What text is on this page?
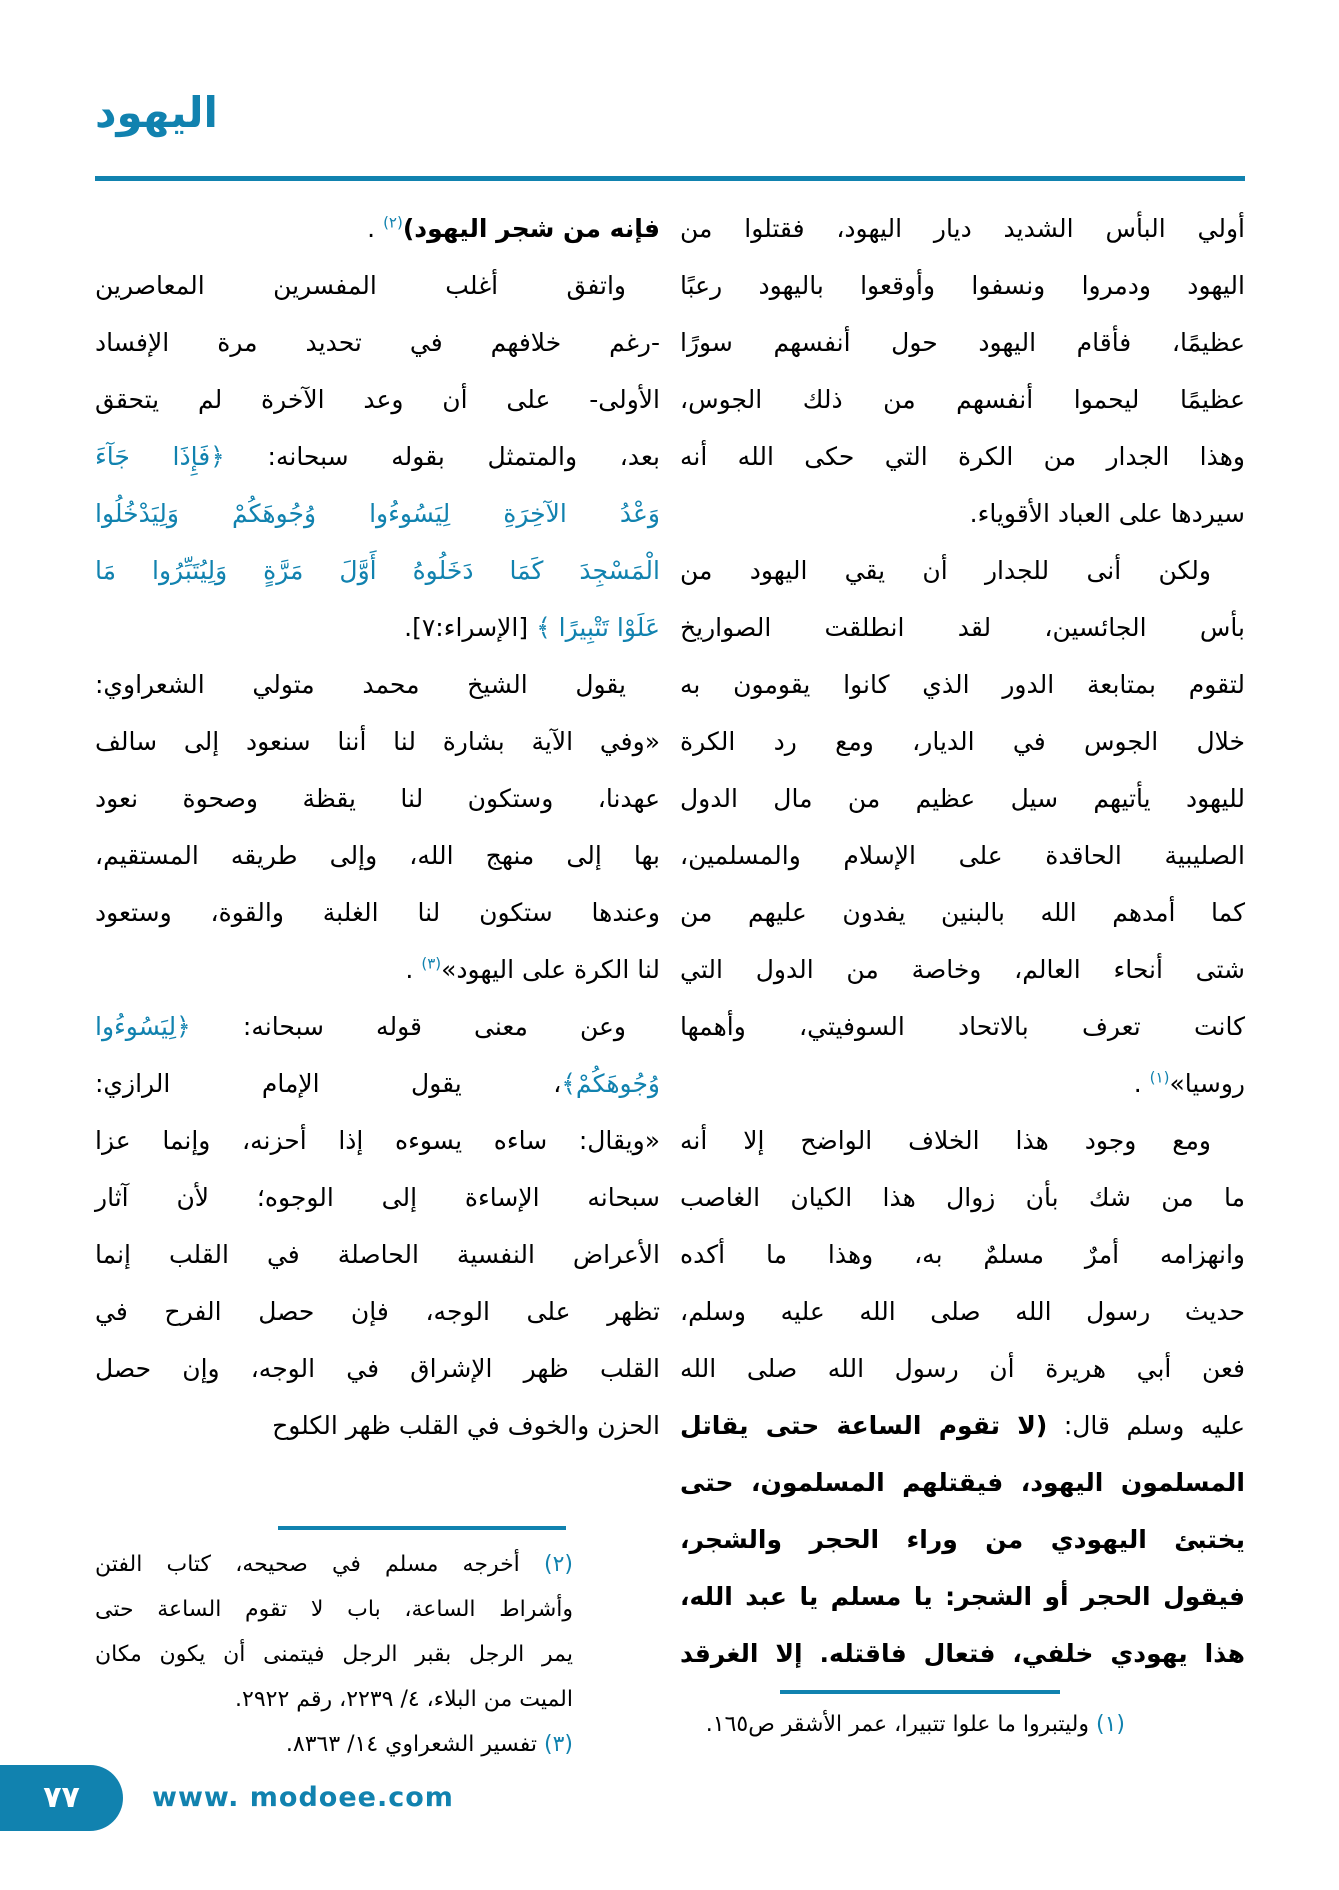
اليهود
أولي البأس الشديد ديار اليهود، فقتلوا من
اليهود ودمروا ونسفوا وأوقعوا باليهود رعبًا
عظيمًا، فأقام اليهود حول أنفسهم سورًا
عظيمًا ليحموا أنفسهم من ذلك الجوس،
وهذا الجدار من الكرة التي حكى الله أنه
سيردها على العباد الأقوياء.
ولكن أنى للجدار أن يقي اليهود من
بأس الجائسين، لقد انطلقت الصواريخ
لتقوم بمتابعة الدور الذي كانوا يقومون به
خلال الجوس في الديار، ومع رد الكرة
لليهود يأتيهم سيل عظيم من مال الدول
الصليبية الحاقدة على الإسلام والمسلمين،
كما أمدهم الله بالبنين يفدون عليهم من
شتى أنحاء العالم، وخاصة من الدول التي
كانت تعرف بالاتحاد السوفيتي، وأهمها
روسيا»$^{(١)}$ .
ومع وجود هذا الخلاف الواضح إلا أنه
ما من شك بأن زوال هذا الكيان الغاصب
وانهزامه أمرٌ مسلمٌ به، وهذا ما أكده
حديث رسول الله صلى الله عليه وسلم،
فعن أبي هريرة أن رسول الله صلى الله
عليه وسلم قال: (لا تقوم الساعة حتى يقاتل
المسلمون اليهود، فيقتلهم المسلمون، حتى
يختبئ اليهودي من وراء الحجر والشجر،
فيقول الحجر أو الشجر: يا مسلم يا عبد الله،
هذا يهودي خلفي، فتعال فاقتله. إلا الغرقد
(١) وليتبروا ما علوا تتبيرا، عمر الأشقر ص١٦٥.
فإنه من شجر اليهود)$^{(٢)}$ .
واتفق أغلب المفسرين المعاصرين
-رغم خلافهم في تحديد مرة الإفساد
الأولى- على أن وعد الآخرة لم يتحقق
بعد، والمتمثل بقوله سبحانه: ﴿فَإِذَا جَآءَ
وَعْدُ الآخِرَةِ لِيَسُوءُوا وُجُوهَكُمْ وَلِيَدْخُلُوا
الْمَسْجِدَ كَمَا دَخَلُوهُ أَوَّلَ مَرَّةٍ وَلِيُتَبِّرُوا مَا
عَلَوْا تَتْبِيرًا ﴾ [الإسراء:٧].
يقول الشيخ محمد متولي الشعراوي:
«وفي الآية بشارة لنا أننا سنعود إلى سالف
عهدنا، وستكون لنا يقظة وصحوة نعود
بها إلى منهج الله، وإلى طريقه المستقيم،
وعندها ستكون لنا الغلبة والقوة، وستعود
لنا الكرة على اليهود»$^{(٣)}$ .
وعن معنى قوله سبحانه: ﴿لِيَسُوءُوا
وُجُوهَكُمْ﴾، يقول الإمام الرازي:
«ويقال: ساءه يسوءه إذا أحزنه، وإنما عزا
سبحانه الإساءة إلى الوجوه؛ لأن آثار
الأعراض النفسية الحاصلة في القلب إنما
تظهر على الوجه، فإن حصل الفرح في
القلب ظهر الإشراق في الوجه، وإن حصل
الحزن والخوف في القلب ظهر الكلوح
(٢) أخرجه مسلم في صحيحه، كتاب الفتن
وأشراط الساعة، باب لا تقوم الساعة حتى
يمر الرجل بقبر الرجل فيتمنى أن يكون مكان
الميت من البلاء، ٤/ ٢٢٣٩، رقم ٢٩٢٢.
(٣) تفسير الشعراوي ١٤/ ٨٣٦٣.
٧٧	www. modoee.com
